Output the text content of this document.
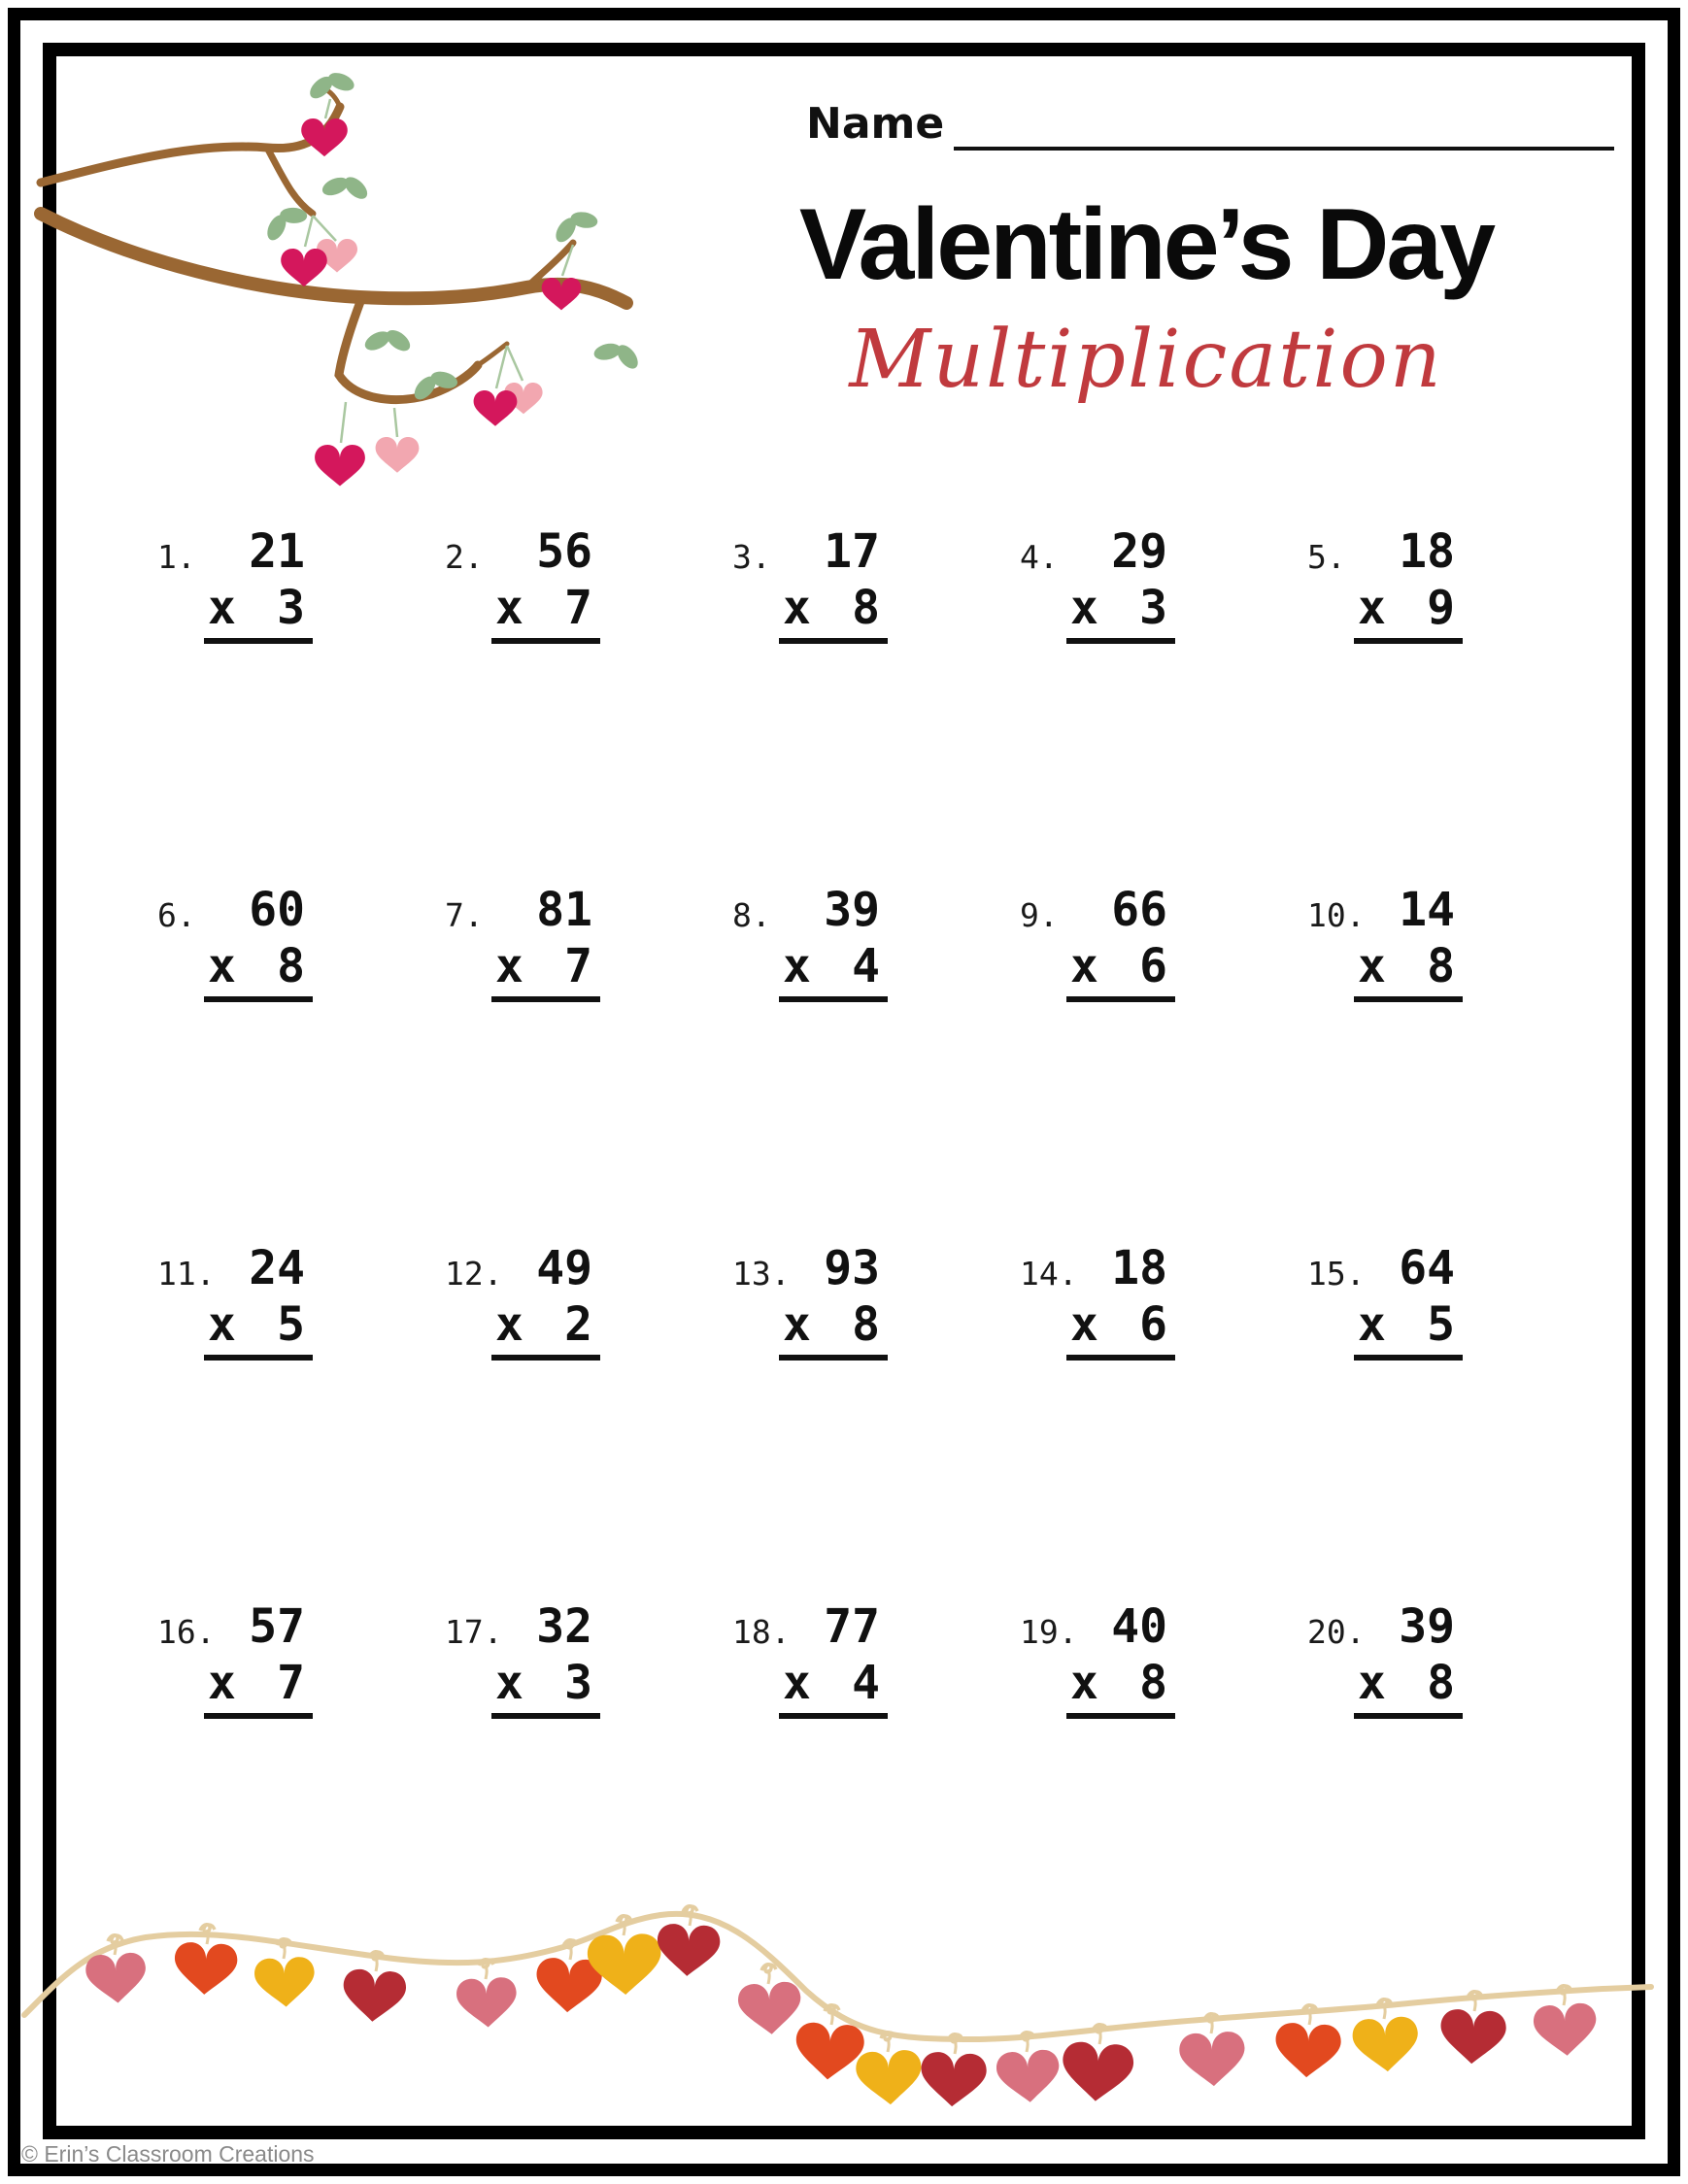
Name
Valentine’s Day
Multiplication
1.	21
x 3
2.	56
x 7
3.	17
x 8
4.	29
x 3
5.	18
x 9
6.	60
x 8
7.	81
x 7
8.	39
x 4
9.	66
x 6
10. 14
x 8
11. 24
x 5
12. 49
x 2
13. 93
x 8
14. 18
x 6
15. 64
x 5
16. 57
x 7
17. 32
x 3
18. 77
x 4
19. 40
x 8
20. 39
x 8
© Erin’s Classroom Creations
